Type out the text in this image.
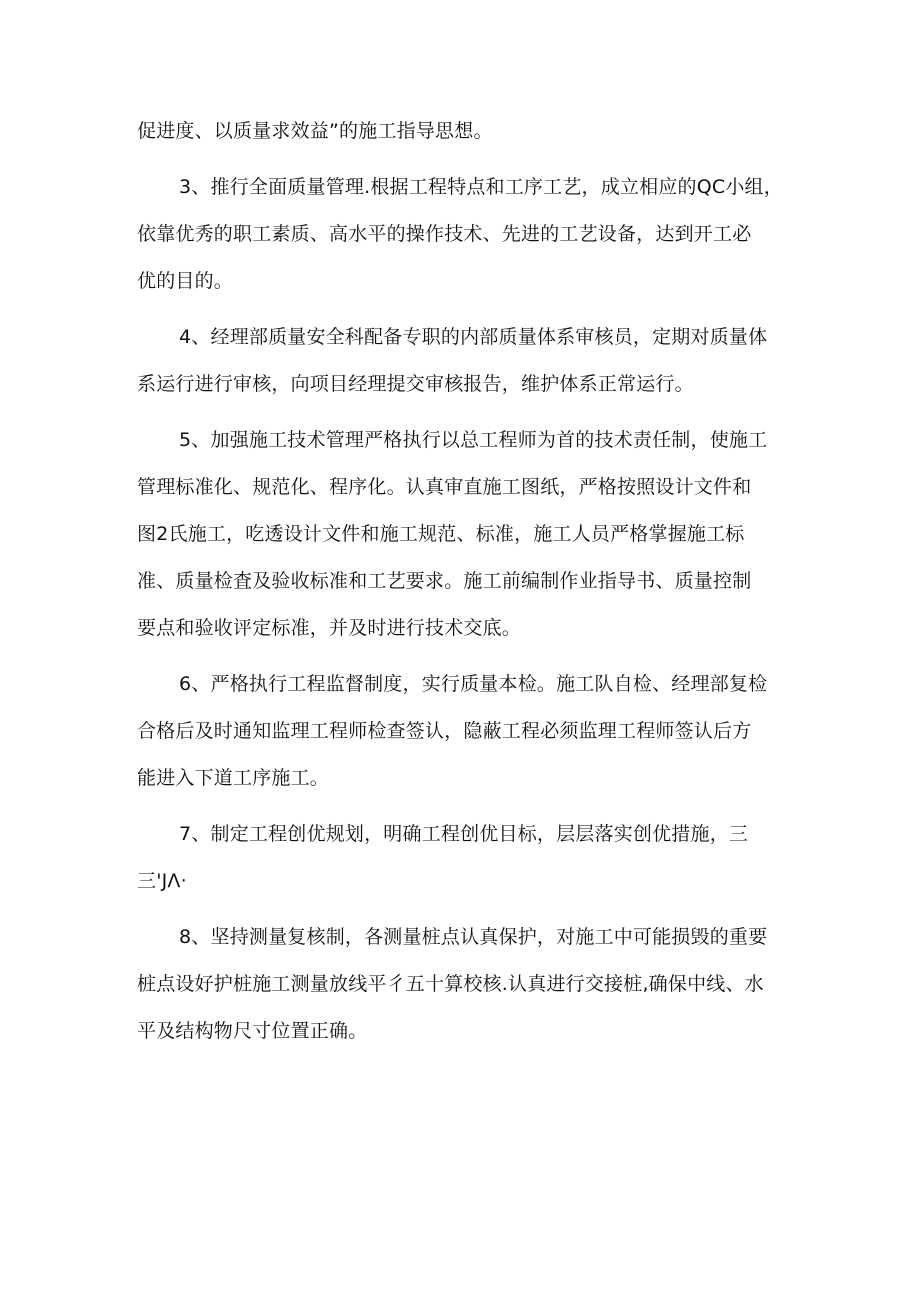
促进度、以质量求效益”的施工指导思想。

3、推行全面质量管理.根据工程特点和工序工艺，成立相应的QC小组，
依靠优秀的职工素质、高水平的操作技术、先进的工艺设备，达到开工必
优的目的。

4、经理部质量安全科配备专职的内部质量体系审核员，定期对质量体
系运行进行审核，向项目经理提交审核报告，维护体系正常运行。

5、加强施工技术管理严格执行以总工程师为首的技术责任制，使施工
管理标准化、规范化、程序化。认真审直施工图纸，严格按照设计文件和
图2氏施工，吃透设计文件和施工规范、标准，施工人员严格掌握施工标
准、质量检査及验收标准和工艺要求。施工前编制作业指导书、质量控制
要点和验收评定标准，并及时进行技术交底。

6、严格执行工程监督制度，实行质量本检。施工队自检、经理部复检
合格后及时通知监理工程师检查签认，隐蔽工程必须监理工程师签认后方
能进入下道工序施工。

7、制定工程创优规划，明确工程创优目标，层层落实创优措施，三
三'JΛ·

8、坚持测量复核制，各测量桩点认真保护，对施工中可能损毁的重要
桩点设好护桩施工测量放线平彳五十算校核.认真进行交接桩,确保中线、水
平及结构物尺寸位置正确。
